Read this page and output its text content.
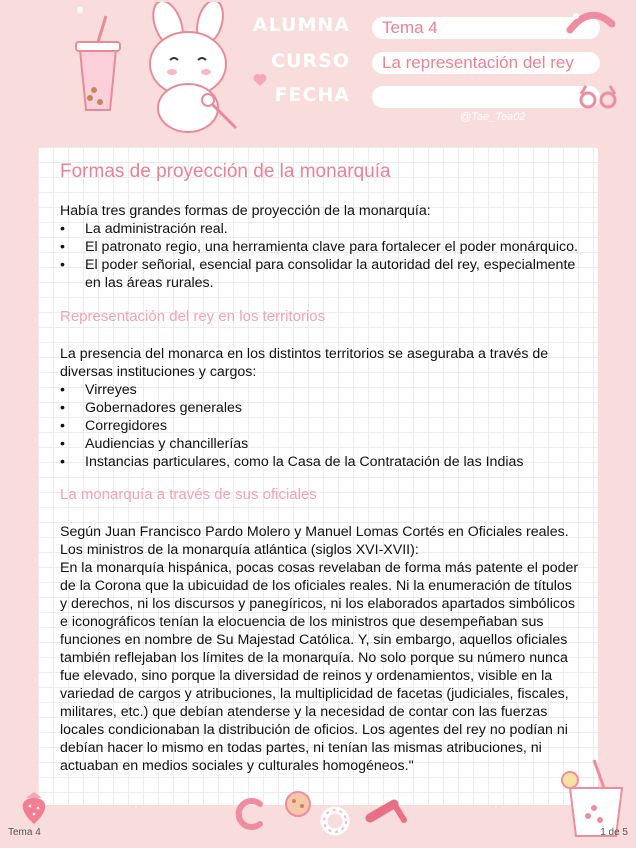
ALUMNA
CURSO
FECHA
Tema 4
La representación del rey
@Tae_Tea02
Formas de proyección de la monarquía

Había tres grandes formas de proyección de la monarquía:

• La administración real.
• El patronato regio, una herramienta clave para fortalecer el poder monárquico.
• El poder señorial, esencial para consolidar la autoridad del rey, especialmente en las áreas rurales.
Representación del rey en los territorios

La presencia del monarca en los distintos territorios se aseguraba a través de diversas instituciones y cargos:

• Virreyes
• Gobernadores generales
• Corregidores
• Audiencias y chancillerías
• Instancias particulares, como la Casa de la Contratación de las Indias
La monarquía a través de sus oficiales

Según Juan Francisco Pardo Molero y Manuel Lomas Cortés en Oficiales reales. Los ministros de la monarquía atlántica (siglos XVI-XVII):

En la monarquía hispánica, pocas cosas revelaban de forma más patente el poder de la Corona que la ubicuidad de los oficiales reales. Ni la enumeración de títulos y derechos, ni los discursos y panegíricos, ni los elaborados apartados simbólicos e iconográficos tenían la elocuencia de los ministros que desempeñaban sus funciones en nombre de Su Majestad Católica. Y, sin embargo, aquellos oficiales también reflejaban los límites de la monarquía. No solo porque su número nunca fue elevado, sino porque la diversidad de reinos y ordenamientos, visible en la variedad de cargos y atribuciones, la multiplicidad de facetas (judiciales, fiscales, militares, etc.) que debían atenderse y la necesidad de contar con las fuerzas locales condicionaban la distribución de oficios. Los agentes del rey no podían ni debían hacer lo mismo en todas partes, ni tenían las mismas atribuciones, ni actuaban en medios sociales y culturales homogéneos."

Tema 4	1 de 5
